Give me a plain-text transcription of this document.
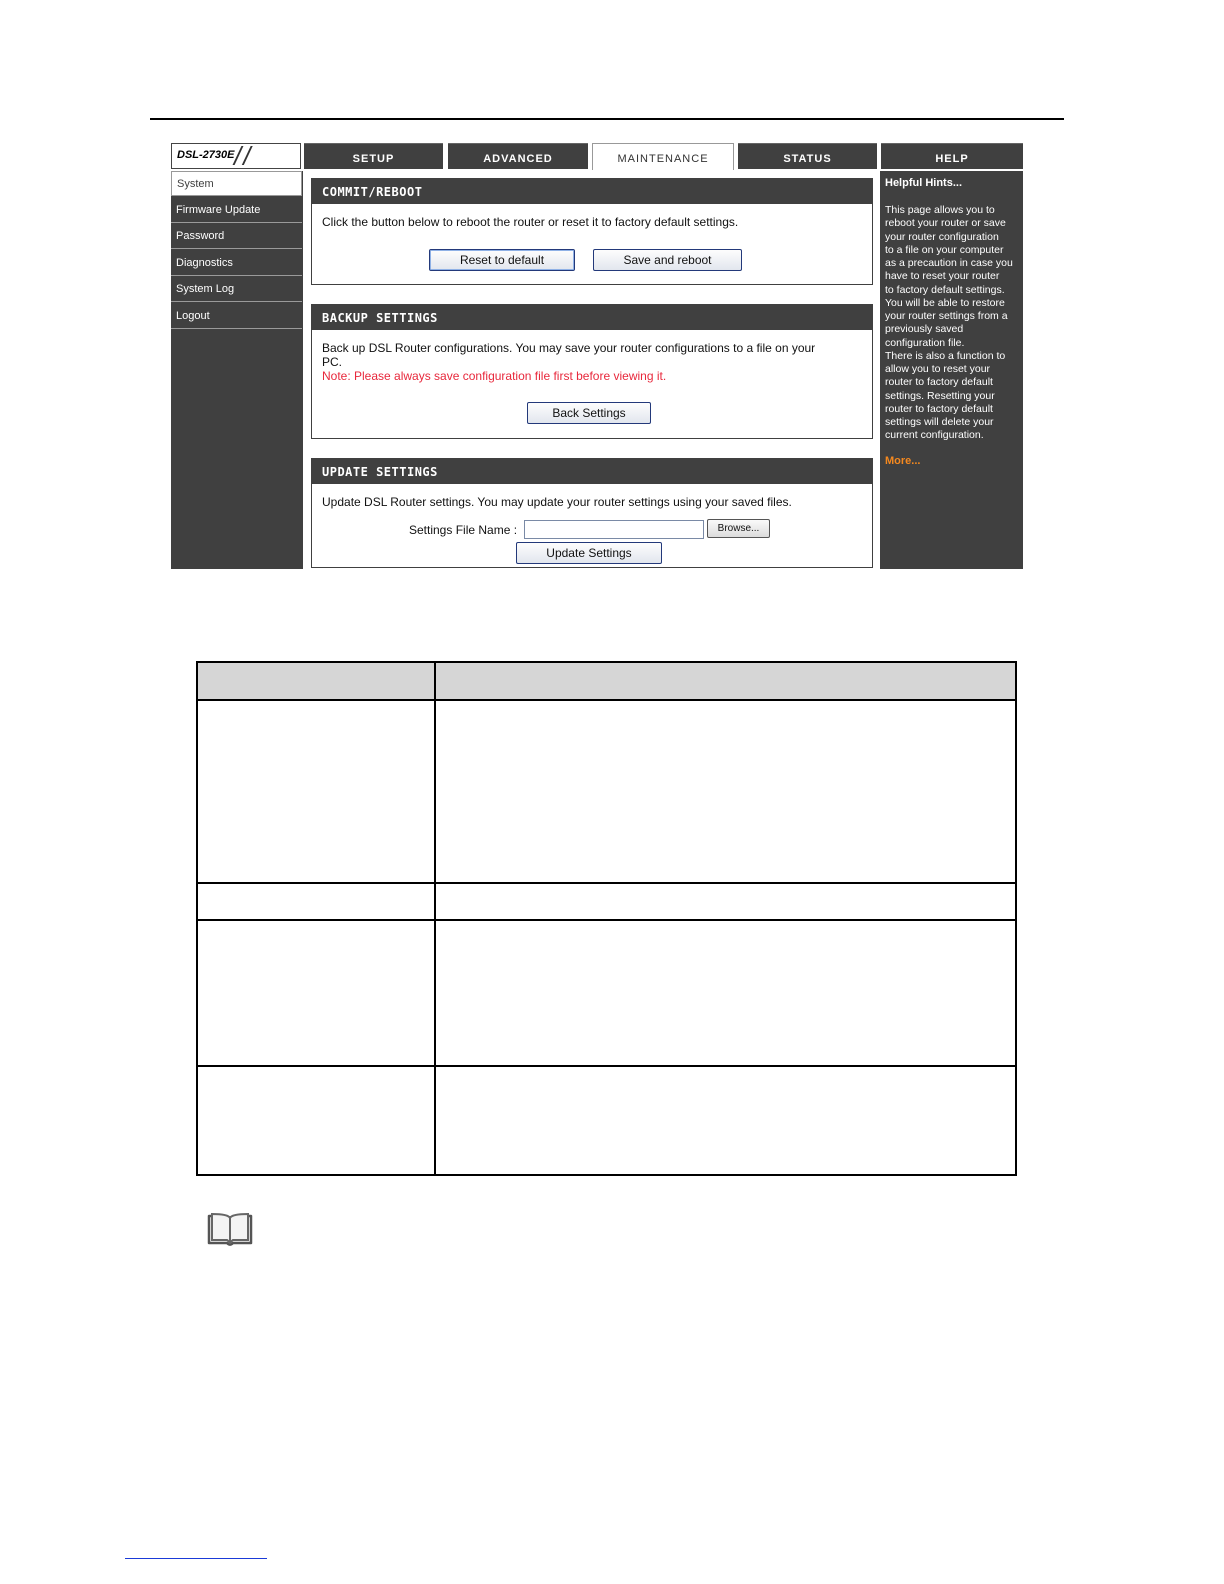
DSL-2730E //	SETUP	ADVANCED	MAINTENANCE	STATUS	HELP
System
Firmware Update
Password
Diagnostics
System Log
Logout
COMMIT/REBOOT
Click the button below to reboot the router or reset it to factory default settings.
Reset to default	Save and reboot
BACKUP SETTINGS
Back up DSL Router configurations. You may save your router configurations to a file on your
PC.
Note: Please always save configuration file first before viewing it.
Back Settings
UPDATE SETTINGS
Update DSL Router settings. You may update your router settings using your saved files.
Settings File Name :	Browse...
Update Settings
Helpful Hints...
This page allows you to
reboot your router or save
your router configuration
to a file on your computer
as a precaution in case you
have to reset your router
to factory default settings.
You will be able to restore
your router settings from a
previously saved
configuration file.
There is also a function to
allow you to reset your
router to factory default
settings. Resetting your
router to factory default
settings will delete your
current configuration.
More...
